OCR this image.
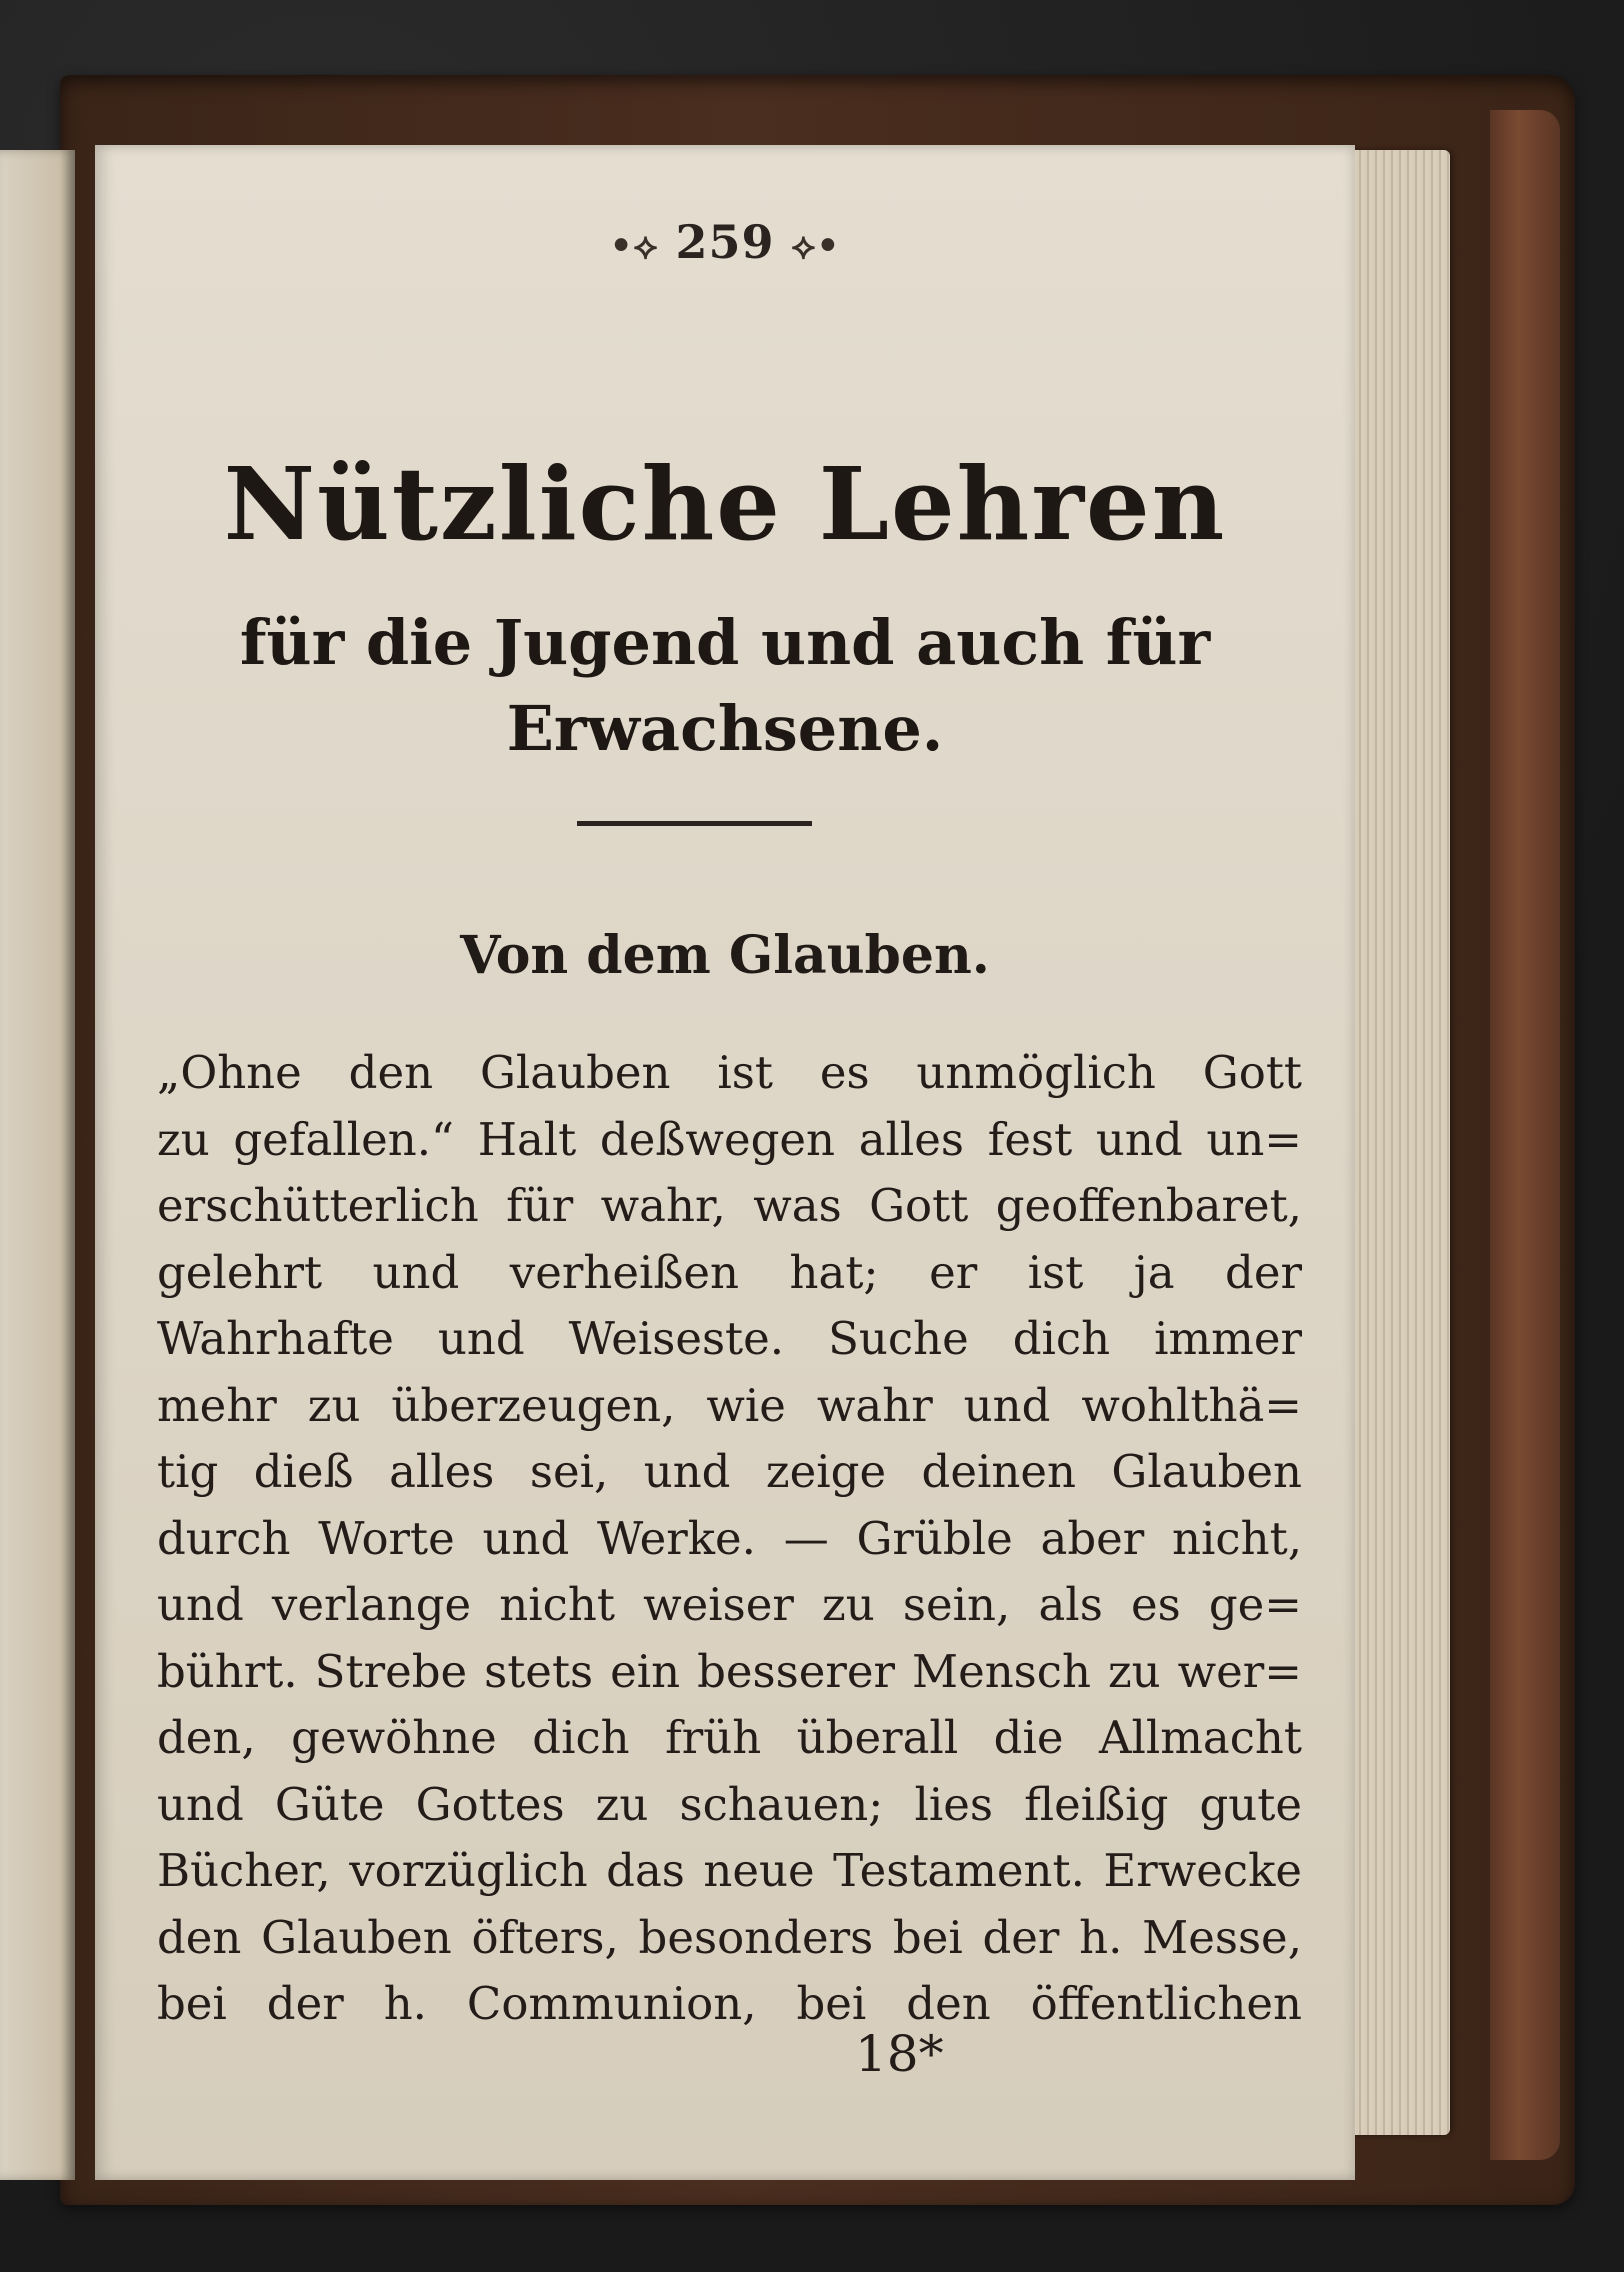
•⟡ 259 ⟡•
Nützliche Lehren
für die Jugend und auch für
Erwachsene.
Von dem Glauben.
„Ohne den Glauben ist es unmöglich Gott
zu gefallen.“ Halt deßwegen alles fest und un=
erschütterlich für wahr, was Gott geoffenbaret,
gelehrt und verheißen hat; er ist ja der
Wahrhafte und Weiseste. Suche dich immer
mehr zu überzeugen, wie wahr und wohlthä=
tig dieß alles sei, und zeige deinen Glauben
durch Worte und Werke. — Grüble aber nicht,
und verlange nicht weiser zu sein, als es ge=
bührt. Strebe stets ein besserer Mensch zu wer=
den, gewöhne dich früh überall die Allmacht
und Güte Gottes zu schauen; lies fleißig gute
Bücher, vorzüglich das neue Testament. Erwecke
den Glauben öfters, besonders bei der h. Messe,
bei der h. Communion, bei den öffentlichen
18*
